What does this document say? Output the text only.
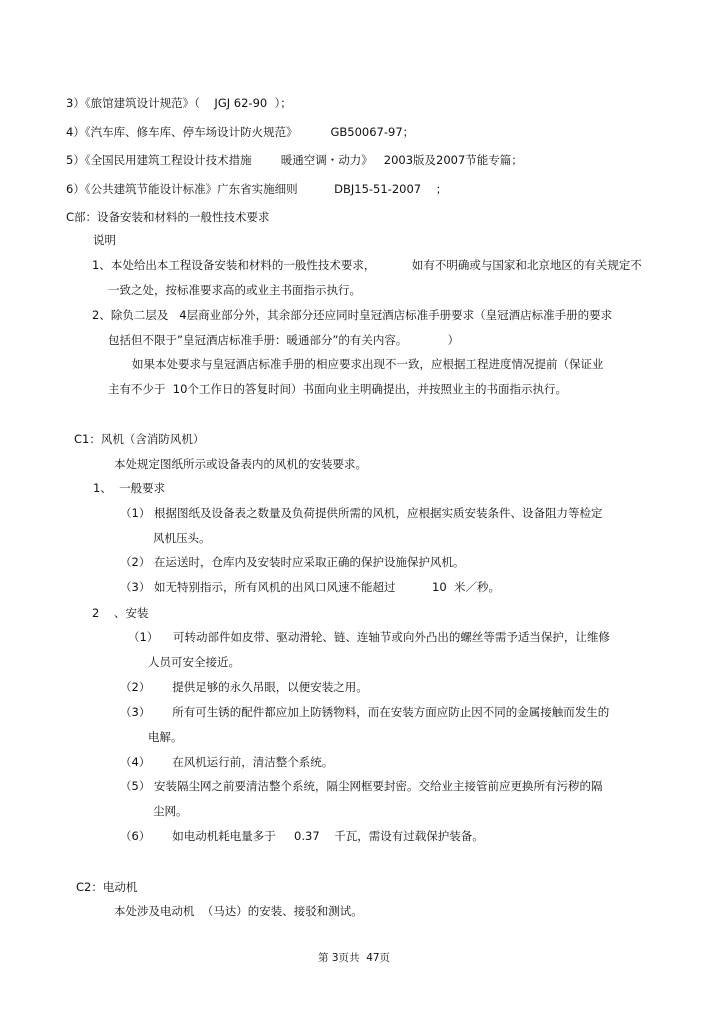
3）《旅馆建筑设计规范》（    JGJ 62-90  ）；
4）《汽车库、修车库、停车场设计防火规范》         GB50067-97；
5）《全国民用建筑工程设计技术措施        暖通空调・动力》   2003版及2007节能专篇；
6）《公共建筑节能设计标准》广东省实施细则          DBJ15-51-2007    ；
C部：设备安装和材料的一般性技术要求
说明
1、本处给出本工程设备安装和材料的一般性技术要求，          如有不明确或与国家和北京地区的有关规定不
一致之处，按标准要求高的或业主书面指示执行。
2、除负二层及   4层商业部分外，其余部分还应同时皇冠酒店标准手册要求（皇冠酒店标准手册的要求
包括但不限于”皇冠酒店标准手册：暖通部分”的有关内容。           ）
如果本处要求与皇冠酒店标准手册的相应要求出现不一致，应根据工程进度情况提前（保证业
主有不少于  10个工作日的答复时间）书面向业主明确提出，并按照业主的书面指示执行。
C1：风机（含消防风机）
本处规定图纸所示或设备表内的风机的安装要求。
1、  一般要求
（1） 根据图纸及设备表之数量及负荷提供所需的风机，应根据实质安装条件、设备阻力等检定
风机压头。
（2） 在运送时，仓库内及安装时应采取正确的保护设施保护风机。
（3） 如无特别指示，所有风机的出风口风速不能超过          10  米／秒。
2    、安装
（1）    可转动部件如皮带、驱动滑轮、链、连轴节或向外凸出的螺丝等需予适当保护，让维修
人员可安全接近。
（2）      提供足够的永久吊眼，以便安装之用。
（3）      所有可生锈的配件都应加上防锈物料，而在安装方面应防止因不同的金属接触而发生的
电解。
（4）      在风机运行前，清洁整个系统。
（5） 安装隔尘网之前要清洁整个系统，隔尘网框要封密。交给业主接管前应更换所有污秽的隔
尘网。
（6）      如电动机耗电量多于     0.37    千瓦，需设有过载保护装备。
C2：电动机
本处涉及电动机  （马达）的安装、接驳和测试。
第 3页共  47页
